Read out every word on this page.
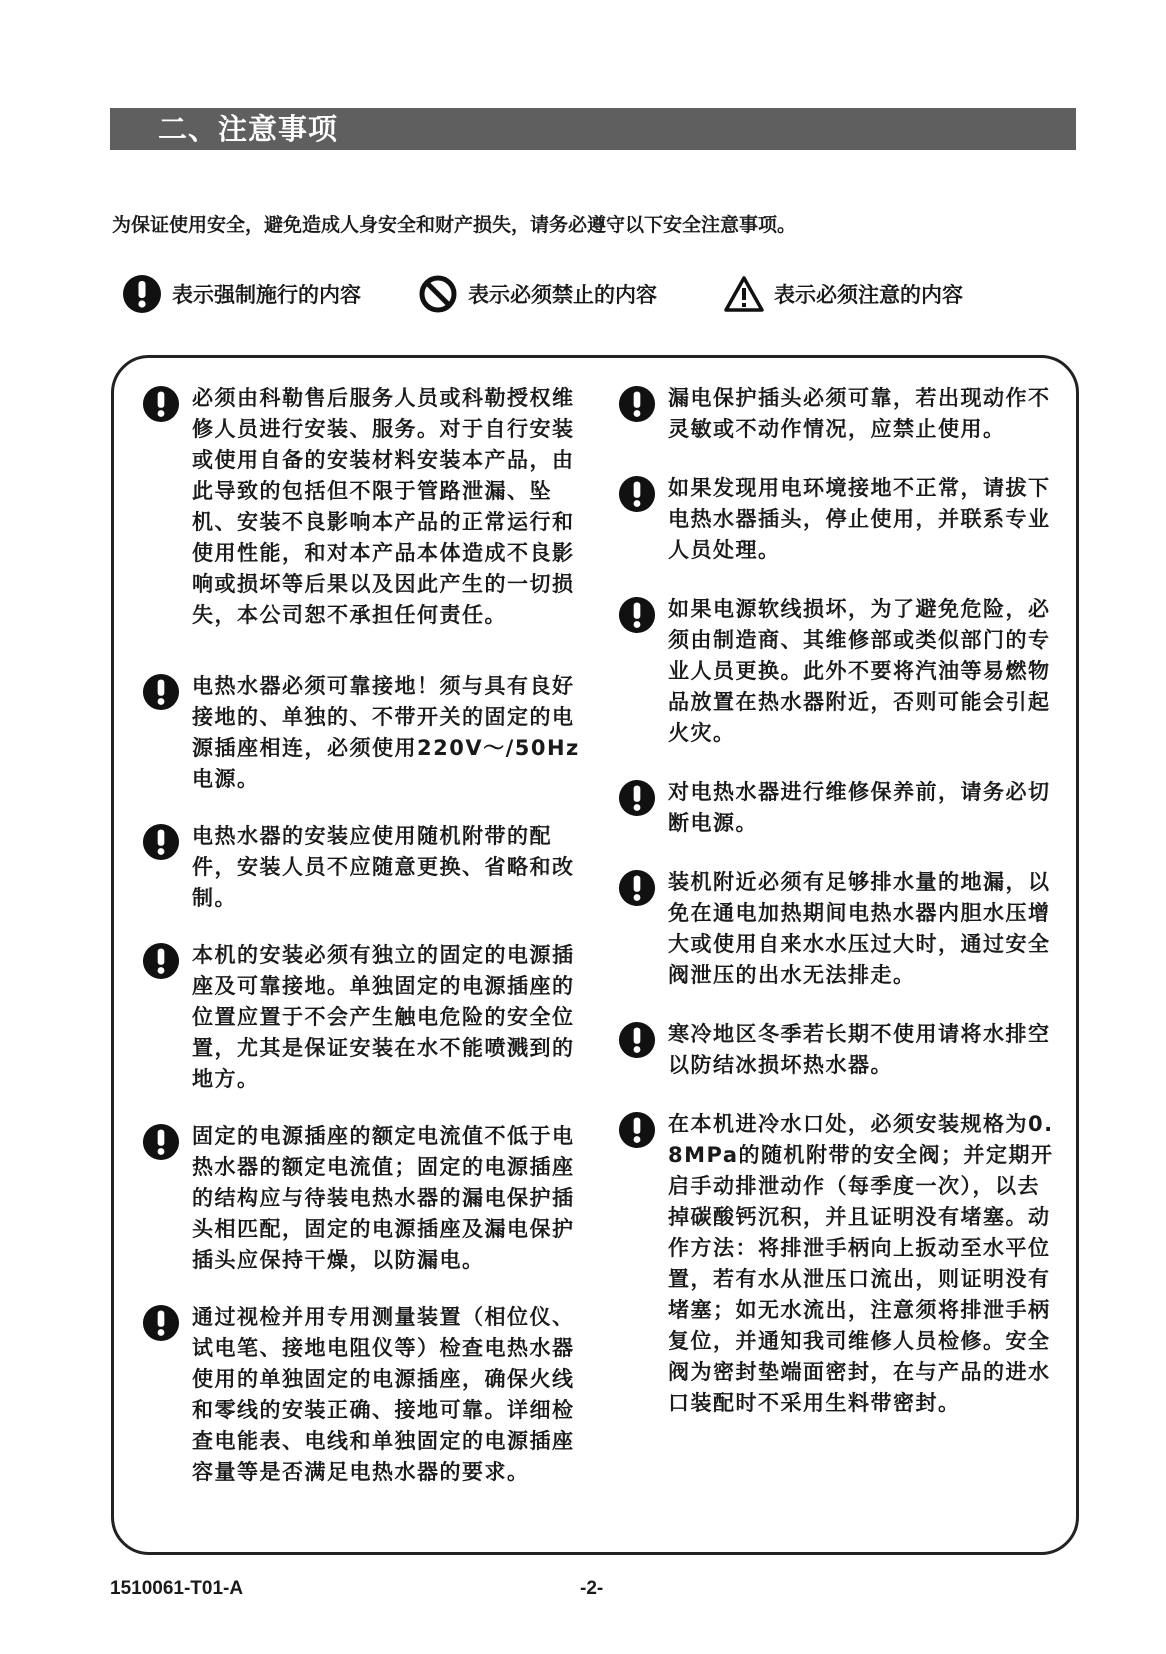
二、注意事项
为保证使用安全，避免造成人身安全和财产损失，请务必遵守以下安全注意事项。
表示强制施行的内容	表示必须禁止的内容	表示必须注意的内容
必须由科勒售后服务人员或科勒授权维修人员进行安装、服务。对于自行安装或使用自备的安装材料安装本产品，由此导致的包括但不限于管路泄漏、坠机、安装不良影响本产品的正常运行和使用性能，和对本产品本体造成不良影响或损坏等后果以及因此产生的一切损失，本公司恕不承担任何责任。
电热水器必须可靠接地！须与具有良好接地的、单独的、不带开关的固定的电源插座相连，必须使用220V～/50Hz电源。
电热水器的安装应使用随机附带的配件，安装人员不应随意更换、省略和改制。
本机的安装必须有独立的固定的电源插座及可靠接地。单独固定的电源插座的位置应置于不会产生触电危险的安全位置，尤其是保证安装在水不能喷溅到的地方。
固定的电源插座的额定电流值不低于电热水器的额定电流值；固定的电源插座的结构应与待装电热水器的漏电保护插头相匹配，固定的电源插座及漏电保护插头应保持干燥，以防漏电。
通过视检并用专用测量装置（相位仪、试电笔、接地电阻仪等）检查电热水器使用的单独固定的电源插座，确保火线和零线的安装正确、接地可靠。详细检查电能表、电线和单独固定的电源插座容量等是否满足电热水器的要求。
漏电保护插头必须可靠，若出现动作不灵敏或不动作情况，应禁止使用。
如果发现用电环境接地不正常，请拔下电热水器插头，停止使用，并联系专业人员处理。
如果电源软线损坏，为了避免危险，必须由制造商、其维修部或类似部门的专业人员更换。此外不要将汽油等易燃物品放置在热水器附近，否则可能会引起火灾。
对电热水器进行维修保养前，请务必切断电源。
装机附近必须有足够排水量的地漏，以免在通电加热期间电热水器内胆水压增大或使用自来水水压过大时，通过安全阀泄压的出水无法排走。
寒冷地区冬季若长期不使用请将水排空以防结冰损坏热水器。
在本机进冷水口处，必须安装规格为0.8MPa的随机附带的安全阀；并定期开启手动排泄动作（每季度一次），以去掉碳酸钙沉积，并且证明没有堵塞。动作方法：将排泄手柄向上扳动至水平位置，若有水从泄压口流出，则证明没有堵塞；如无水流出，注意须将排泄手柄复位，并通知我司维修人员检修。安全阀为密封垫端面密封，在与产品的进水口装配时不采用生料带密封。
1510061-T01-A	-2-
